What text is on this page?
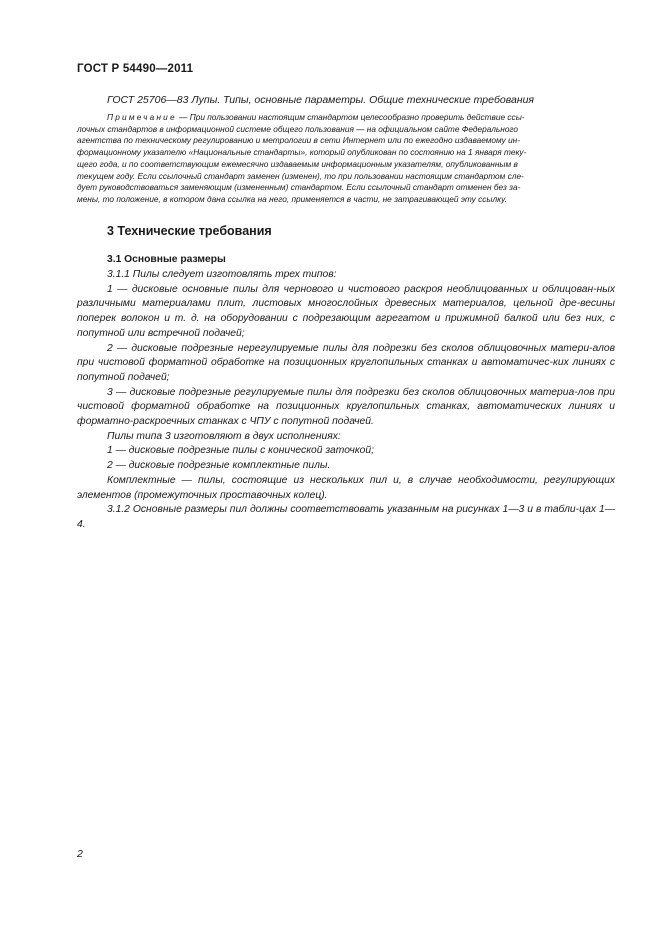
ГОСТ Р 54490—2011
ГОСТ 25706—83 Лупы. Типы, основные параметры. Общие технические требования

Примечание — При пользовании настоящим стандартом целесообразно проверить действие ссы-

лочных стандартов в информационной системе общего пользования — на официальном сайте Федерального

агентства по техническому регулированию и метрологии в сети Интернет или по ежегодно издаваемому ин-

формационному указателю «Национальные стандарты», который опубликован по состоянию на 1 января теку-

щего года, и по соответствующим ежемесячно издаваемым информационным указателям, опубликованным в

текущем году. Если ссылочный стандарт заменен (изменен), то при пользовании настоящим стандартом сле-

дует руководствоваться заменяющим (измененным) стандартом. Если ссылочный стандарт отменен без за-

мены, то положение, в котором дана ссылка на него, применяется в части, не затрагивающей эту ссылку.

3 Технические требования
3.1 Основные размеры

3.1.1 Пилы следует изготовлять трех типов:

1 — дисковые основные пилы для чернового и чистового раскроя необлицованных и облицован-ных различными материалами плит, листовых многослойных древесных материалов, цельной дре-весины поперек волокон и т. д. на оборудовании с подрезающим агрегатом и прижимной балкой или без них, с попутной или встречной подачей;

2 — дисковые подрезные нерегулируемые пилы для подрезки без сколов облицовочных матери-алов при чистовой форматной обработке на позиционных круглопильных станках и автоматичес-ких линиях с попутной подачей;

3 — дисковые подрезные регулируемые пилы для подрезки без сколов облицовочных материа-лов при чистовой форматной обработке на позиционных круглопильных станках, автоматических линиях и форматно-раскроечных станках с ЧПУ с попутной подачей.

Пилы типа 3 изготовляют в двух исполнениях:

1 — дисковые подрезные пилы с конической заточкой;

2 — дисковые подрезные комплектные пилы.

Комплектные — пилы, состоящие из нескольких пил и, в случае необходимости, регулирующих элементов (промежуточных проставочных колец).

3.1.2 Основные размеры пил должны соответствовать указанным на рисунках 1—3 и в табли-цах 1—4.

2
